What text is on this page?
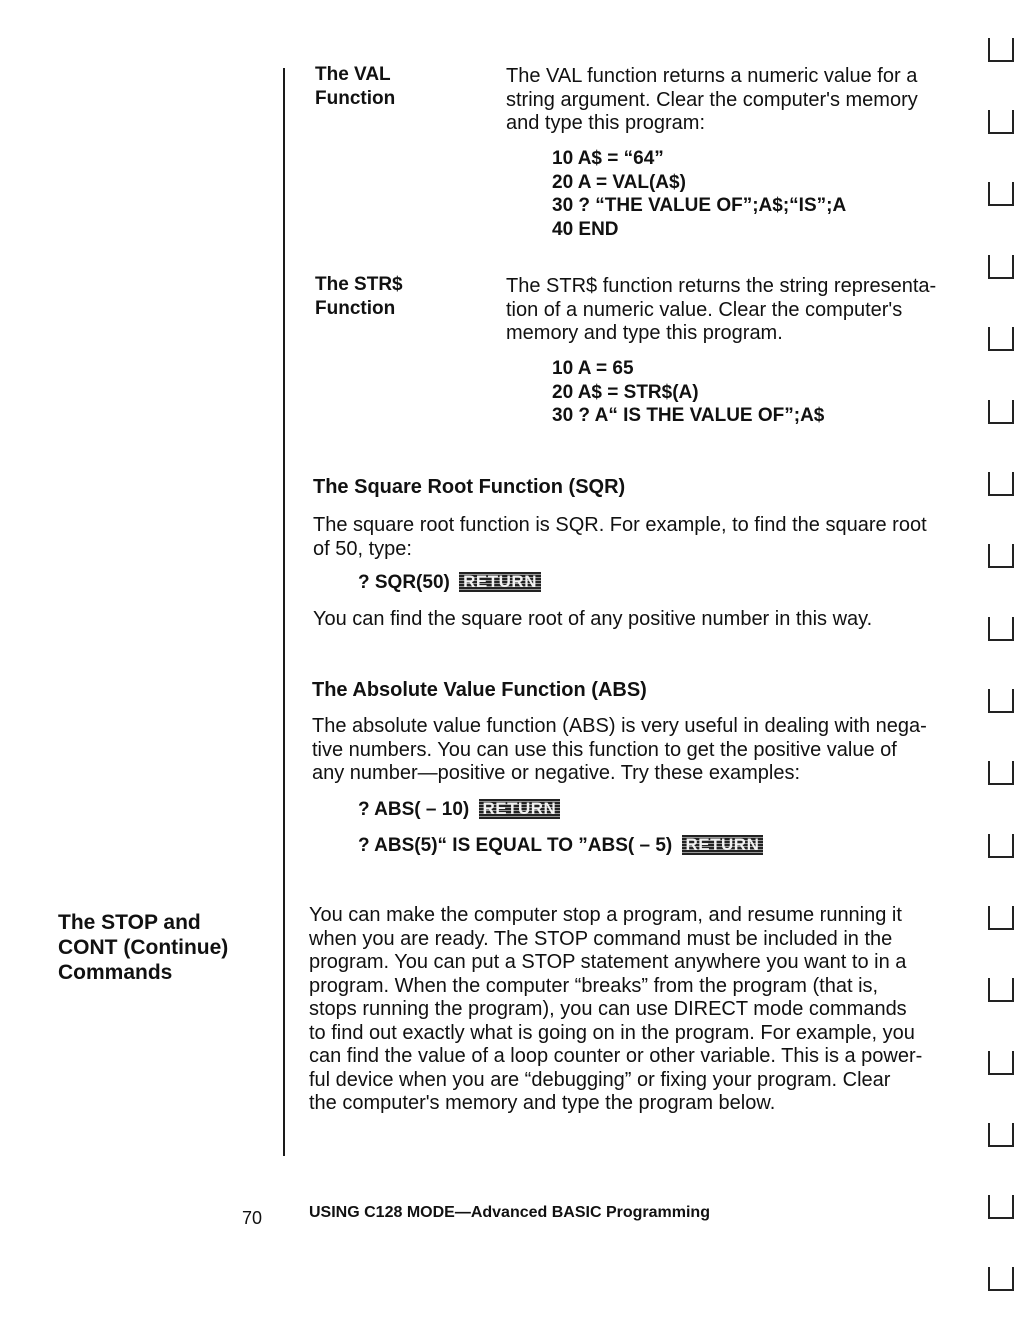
The VAL
Function
The VAL function returns a numeric value for a
string argument. Clear the computer's memory
and type this program:
10 A$ = “64”
20 A = VAL(A$)
30 ? “THE VALUE OF”;A$;“IS”;A
40 END
The STR$
Function
The STR$ function returns the string representa-
tion of a numeric value. Clear the computer's
memory and type this program.
10 A = 65
20 A$ = STR$(A)
30 ? A“ IS THE VALUE OF”;A$
The Square Root Function (SQR)
The square root function is SQR. For example, to find the square root
of 50, type:
? SQR(50) RETURN
You can find the square root of any positive number in this way.
The Absolute Value Function (ABS)
The absolute value function (ABS) is very useful in dealing with nega-
tive numbers. You can use this function to get the positive value of
any number—positive or negative. Try these examples:
? ABS( – 10) RETURN
? ABS(5)“ IS EQUAL TO ”ABS( – 5) RETURN
The STOP and
CONT (Continue)
Commands
You can make the computer stop a program, and resume running it
when you are ready. The STOP command must be included in the
program. You can put a STOP statement anywhere you want to in a
program. When the computer “breaks” from the program (that is,
stops running the program), you can use DIRECT mode commands
to find out exactly what is going on in the program. For example, you
can find the value of a loop counter or other variable. This is a power-
ful device when you are “debugging” or fixing your program. Clear
the computer's memory and type the program below.
70	USING C128 MODE—Advanced BASIC Programming
